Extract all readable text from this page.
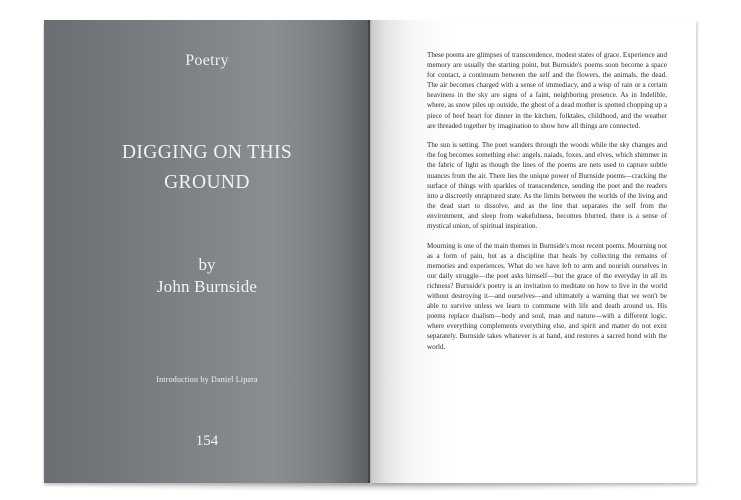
Poetry
DIGGING ON THIS
GROUND
by
John Burnside
Introduction by Daniel Lipara
154

These poems are glimpses of transcendence, modest states of grace. Experience and memory are usually the starting point, but Burnside's poems soon become a space for contact, a continuum between the self and the flowers, the animals, the dead. The air becomes charged with a sense of immediacy, and a wisp of rain or a certain heaviness in the sky are signs of a faint, neighboring presence. As in Indelible, where, as snow piles up outside, the ghost of a dead mother is spotted chopping up a piece of beef heart for dinner in the kitchen, folktales, childhood, and the weather are threaded together by imagination to show how all things are connected.

The sun is setting. The poet wanders through the woods while the sky changes and the fog becomes something else: angels, naiads, foxes, and elves, which shimmer in the fabric of light as though the lines of the poems are nets used to capture subtle nuances from the air. There lies the unique power of Burnside poems—cracking the surface of things with sparkles of transcendence, sending the poet and the readers into a discreetly enraptured state. As the limits between the worlds of the living and the dead start to dissolve, and as the line that separates the self from the environment, and sleep from wakefulness, becomes blurred, there is a sense of mystical union, of spiritual inspiration.

Mourning is one of the main themes in Burnside's most recent poems. Mourning not as a form of pain, but as a discipline that heals by collecting the remains of memories and experiences. What do we have left to arm and nourish ourselves in our daily struggle—the poet asks himself—but the grace of the everyday in all its richness? Burnside's poetry is an invitation to meditate on how to live in the world without destroying it—and ourselves—and ultimately a warning that we won't be able to survive unless we learn to commune with life and death around us. His poems replace dualism—body and soul, man and nature—with a different logic, where everything complements everything else, and spirit and matter do not exist separately. Burnside takes whatever is at hand, and restores a sacred bond with the world.
